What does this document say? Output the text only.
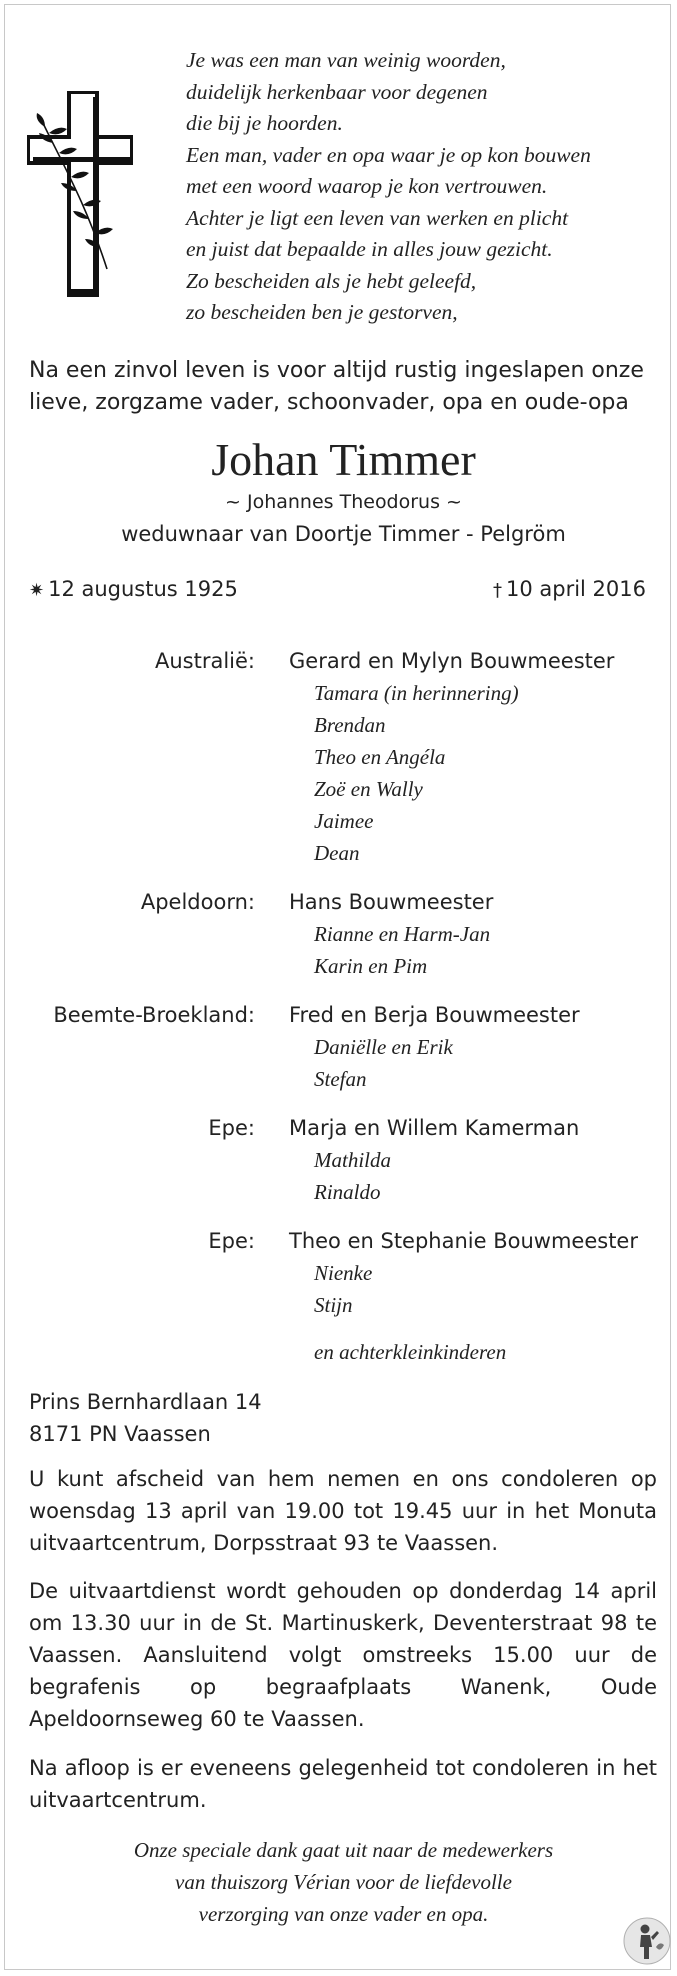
Je was een man van weinig woorden,
duidelijk herkenbaar voor degenen
die bij je hoorden.
Een man, vader en opa waar je op kon bouwen
met een woord waarop je kon vertrouwen.
Achter je ligt een leven van werken en plicht
en juist dat bepaalde in alles jouw gezicht.
Zo bescheiden als je hebt geleefd,
zo bescheiden ben je gestorven,
Na een zinvol leven is voor altijd rustig ingeslapen onze lieve, zorgzame vader, schoonvader, opa en oude-opa
Johan Timmer
~ Johannes Theodorus ~
weduwnaar van Doortje Timmer - Pelgröm
✷ 12 augustus 1925	† 10 april 2016
Australië: Gerard en Mylyn Bouwmeester
Tamara (in herinnering)
Brendan
Theo en Angéla
Zoë en Wally
Jaimee
Dean
Apeldoorn: Hans Bouwmeester
Rianne en Harm-Jan
Karin en Pim
Beemte-Broekland: Fred en Berja Bouwmeester
Daniëlle en Erik
Stefan
Epe: Marja en Willem Kamerman
Mathilda
Rinaldo
Epe: Theo en Stephanie Bouwmeester
Nienke
Stijn
en achterkleinkinderen
Prins Bernhardlaan 14
8171 PN Vaassen
U kunt afscheid van hem nemen en ons condoleren op woensdag 13 april van 19.00 tot 19.45 uur in het Monuta uitvaartcentrum, Dorpsstraat 93 te Vaassen.
De uitvaartdienst wordt gehouden op donderdag 14 april om 13.30 uur in de St. Martinuskerk, Deventerstraat 98 te Vaassen. Aansluitend volgt omstreeks 15.00 uur de begrafenis op begraafplaats Wanenk, Oude Apeldoornseweg 60 te Vaassen.
Na afloop is er eveneens gelegenheid tot condoleren in het uitvaartcentrum.
Onze speciale dank gaat uit naar de medewerkers
van thuiszorg Vérian voor de liefdevolle
verzorging van onze vader en opa.
